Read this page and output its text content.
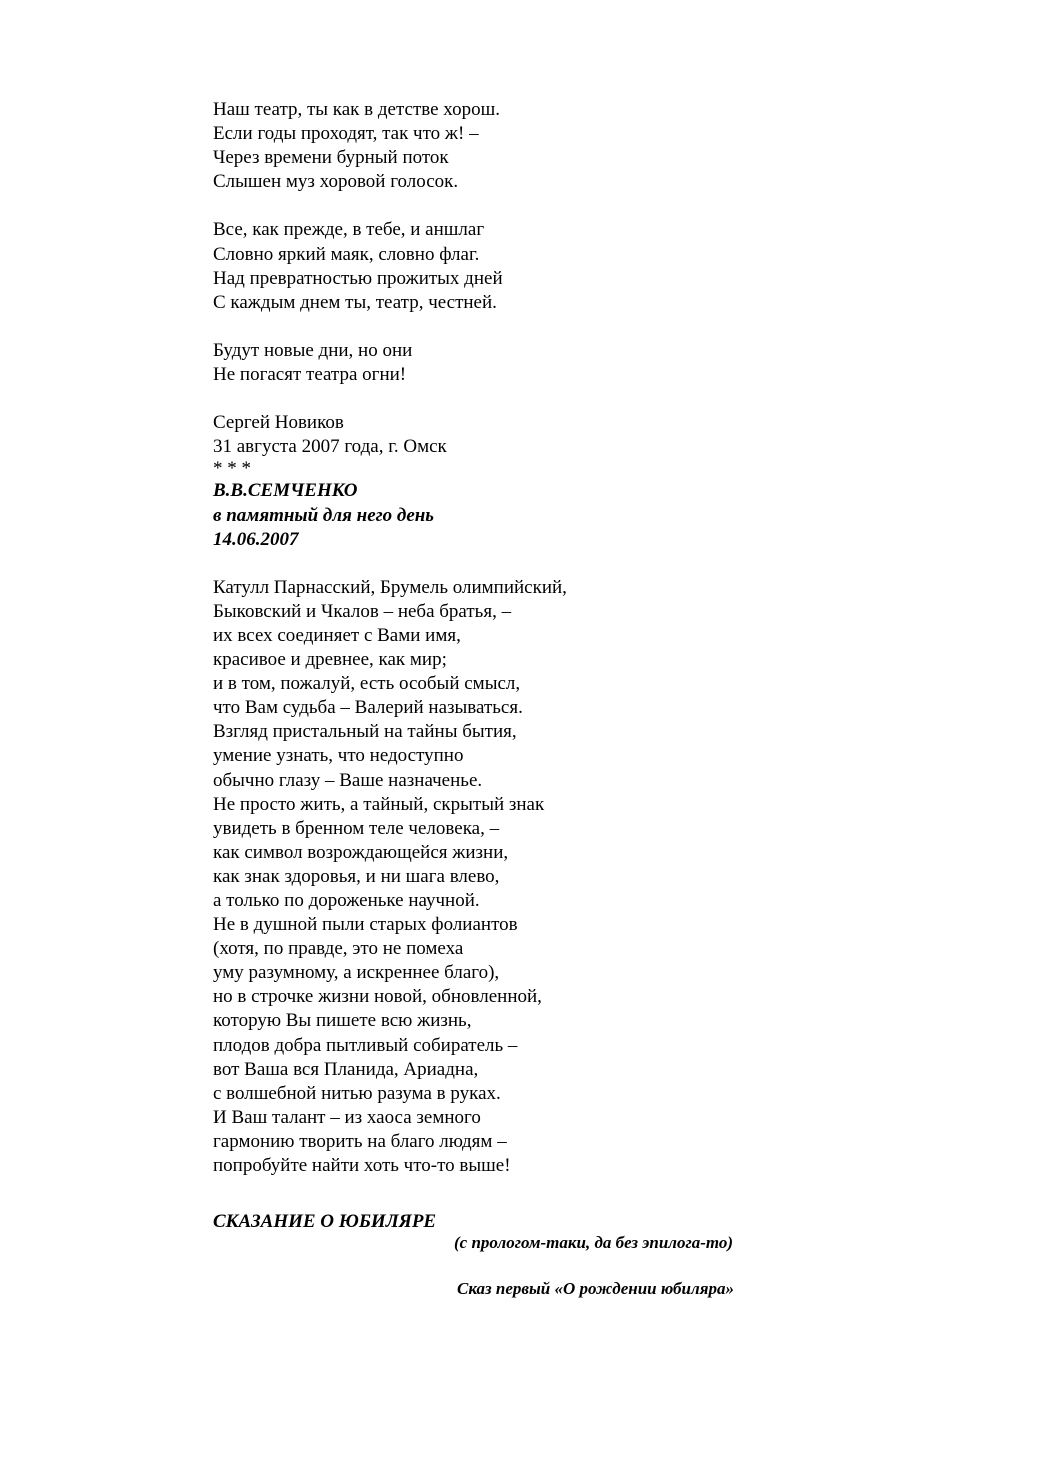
Наш театр, ты как в детстве хорош.
Если годы проходят, так что ж! –
Через времени бурный поток
Слышен муз хоровой голосок.
Все, как прежде, в тебе, и аншлаг
Словно яркий маяк, словно флаг.
Над превратностью прожитых дней
С каждым днем ты, театр, честней.
Будут новые дни, но они
Не погасят театра огни!
Сергей Новиков
31 августа 2007 года, г. Омск
* * *
В.В.СЕМЧЕНКО
в памятный для него день
14.06.2007
Катулл Парнасский, Брумель олимпийский,
Быковский и Чкалов – неба братья, –
их всех соединяет с Вами имя,
красивое и древнее, как мир;
и в том, пожалуй, есть особый смысл,
что Вам судьба – Валерий называться.
Взгляд пристальный на тайны бытия,
умение узнать, что недоступно
обычно глазу – Ваше назначенье.
Не просто жить, а тайный, скрытый знак
увидеть в бренном теле человека, –
как символ возрождающейся жизни,
как знак здоровья, и ни шага влево,
а только по дороженьке научной.
Не в душной пыли старых фолиантов
(хотя, по правде, это не помеха
уму разумному, а искреннее благо),
но в строчке жизни новой, обновленной,
которую Вы пишете всю жизнь,
плодов добра пытливый собиратель –
вот Ваша вся Планида, Ариадна,
с волшебной нитью разума в руках.
И Ваш талант – из хаоса земного
гармонию творить на благо людям –
попробуйте найти хоть что-то выше!
СКАЗАНИЕ О ЮБИЛЯРЕ
(с прологом-таки, да без эпилога-то)
Сказ первый «О рождении юбиляра»
